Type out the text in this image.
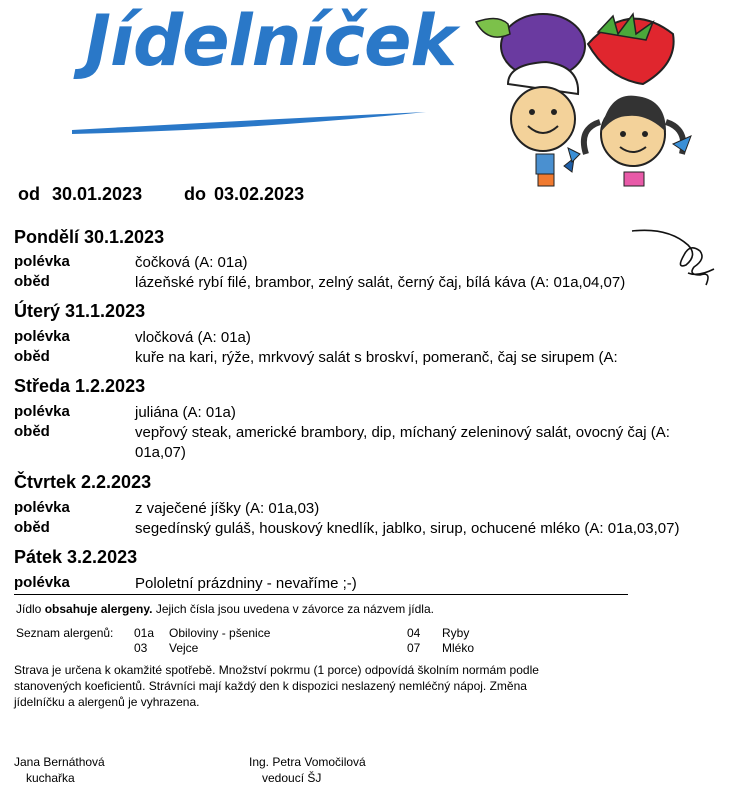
Jídelníček
od 30.01.2023 do 03.02.2023
Pondělí 30.1.2023
polévka	čočková (A: 01a)
oběd	lázeňské rybí filé, brambor, zelný salát, černý čaj, bílá káva (A: 01a,04,07)
Úterý 31.1.2023
polévka	vločková (A: 01a)
oběd	kuře na kari, rýže, mrkvový salát s broskví, pomeranč, čaj se sirupem (A:
Středa 1.2.2023
polévka	juliána (A: 01a)
oběd	vepřový steak, americké brambory, dip, míchaný zeleninový salát, ovocný čaj (A: 01a,07)
Čtvrtek 2.2.2023
polévka	z vaječené jíšky (A: 01a,03)
oběd	segedínský guláš, houskový knedlík, jablko, sirup, ochucené mléko (A: 01a,03,07)
Pátek 3.2.2023
polévka	Pololetní prázdniny - nevaříme ;-)
Jídlo obsahuje alergeny. Jejich čísla jsou uvedena v závorce za názvem jídla.
Seznam alergenů: 01a Obiloviny - pšenice
03 Vejce
04 Ryby
07 Mléko
Strava je určena k okamžité spotřebě. Množství pokrmu (1 porce) odpovídá školním normám podle
stanovených koeficientů. Strávníci mají každý den k dispozici neslazený nemléčný nápoj. Změna
jídelníčku a alergenů je vyhrazena.
Jana Bernáthová
kuchařka
Ing. Petra Vomočilová
vedoucí ŠJ
